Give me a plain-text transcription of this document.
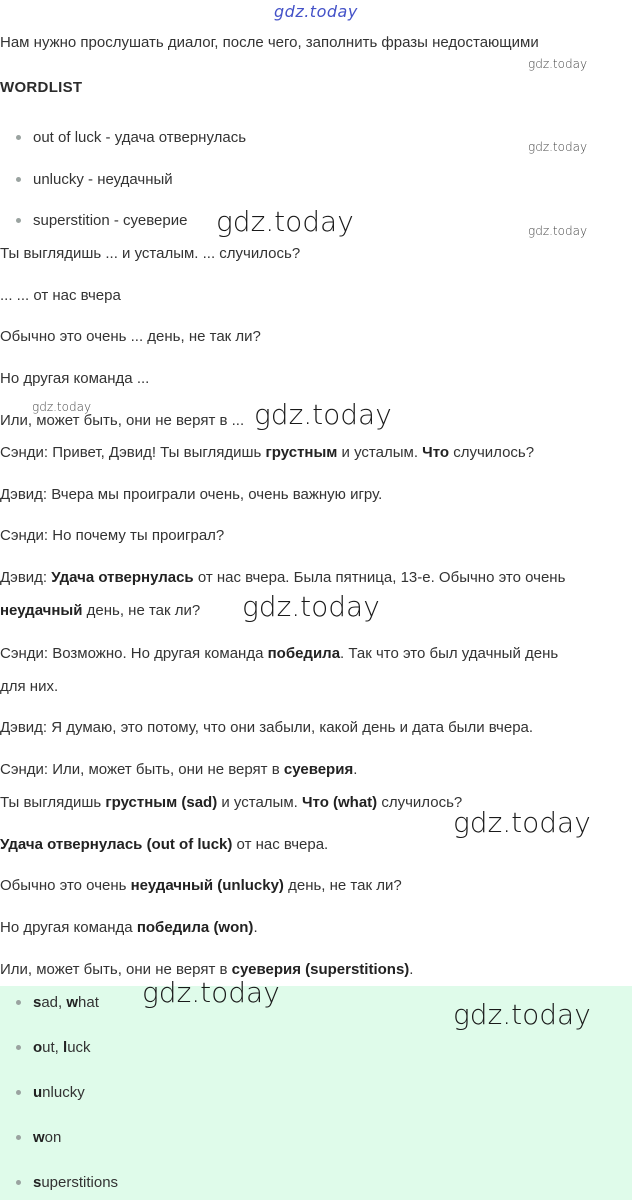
gdz.today
Нам нужно прослушать диалог, после чего, заполнить фразы недостающими
gdz.today
WORDLIST
out of luck - удача отвернулась
gdz.today
unlucky - неудачный
superstition - суеверие gdz.today	gdz.today
Ты выглядишь ... и усталым. ... случилось?
... ... от нас вчера
Обычно это очень ... день, не так ли?
Но другая команда ...
gdz.today
Или, может быть, они не верят в ... gdz.today
Сэнди: Привет, Дэвид! Ты выглядишь грустным и усталым. Что случилось?
Дэвид: Вчера мы проиграли очень, очень важную игру.
Сэнди: Но почему ты проиграл?
Дэвид: Удача отвернулась от нас вчера. Была пятница, 13-е. Обычно это очень
неудачный день, не так ли? gdz.today
Сэнди: Возможно. Но другая команда победила. Так что это был удачный день
для них.
Дэвид: Я думаю, это потому, что они забыли, какой день и дата были вчера.
Сэнди: Или, может быть, они не верят в суеверия.
Ты выглядишь грустным (sad) и усталым. Что (what) случилось?
gdz.today
Удача отвернулась (out of luck) от нас вчера.
Обычно это очень неудачный (unlucky) день, не так ли?
Но другая команда победила (won).
Или, может быть, они не верят в суеверия (superstitions).
sad, what gdz.today
gdz.today
out, luck
unlucky
won
superstitions
